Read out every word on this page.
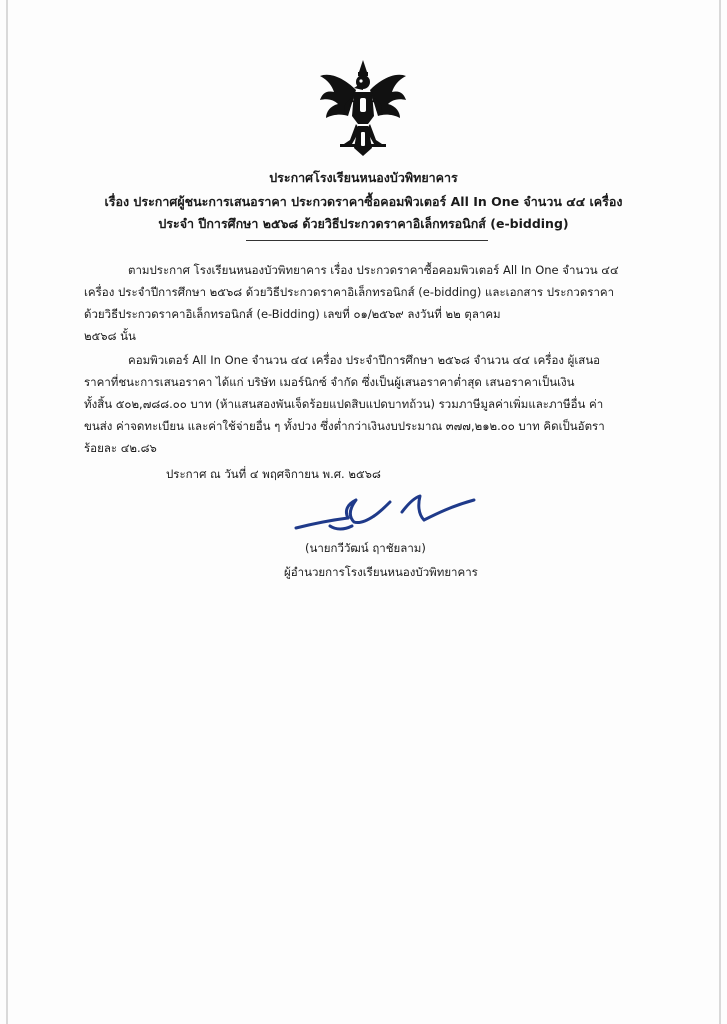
ประกาศโรงเรียนหนองบัวพิทยาคาร
เรื่อง ประกาศผู้ชนะการเสนอราคา ประกวดราคาซื้อคอมพิวเตอร์ All In One จำนวน ๔๔ เครื่อง
ประจำ ปีการศึกษา ๒๕๖๘ ด้วยวิธีประกวดราคาอิเล็กทรอนิกส์ (e-bidding)
ตามประกาศ โรงเรียนหนองบัวพิทยาคาร เรื่อง ประกวดราคาซื้อคอมพิวเตอร์ All In One จำนวน ๔๔
เครื่อง ประจำปีการศึกษา ๒๕๖๘ ด้วยวิธีประกวดราคาอิเล็กทรอนิกส์ (e-bidding) และเอกสาร ประกวดราคา
ด้วยวิธีประกวดราคาอิเล็กทรอนิกส์ (e-Bidding) เลขที่ ๐๑/๒๕๖๙ ลงวันที่ ๒๒ ตุลาคม
๒๕๖๘ นั้น
คอมพิวเตอร์ All In One จำนวน ๔๔ เครื่อง ประจำปีการศึกษา ๒๕๖๘ จำนวน ๔๔ เครื่อง ผู้เสนอ
ราคาที่ชนะการเสนอราคา ได้แก่ บริษัท เมอร์นิกซ์ จำกัด ซึ่งเป็นผู้เสนอราคาต่ำสุด เสนอราคาเป็นเงิน
ทั้งสิ้น ๕๐๒,๗๘๘.๐๐ บาท (ห้าแสนสองพันเจ็ดร้อยแปดสิบแปดบาทถ้วน) รวมภาษีมูลค่าเพิ่มและภาษีอื่น ค่า
ขนส่ง ค่าจดทะเบียน และค่าใช้จ่ายอื่น ๆ ทั้งปวง ซึ่งต่ำกว่าเงินงบประมาณ ๓๗๗,๒๑๒.๐๐ บาท คิดเป็นอัตรา
ร้อยละ ๔๒.๘๖
ประกาศ ณ วันที่ ๔ พฤศจิกายน พ.ศ. ๒๕๖๘
(นายกวีวัฒน์ ฤาชัยลาม)
ผู้อำนวยการโรงเรียนหนองบัวพิทยาคาร
